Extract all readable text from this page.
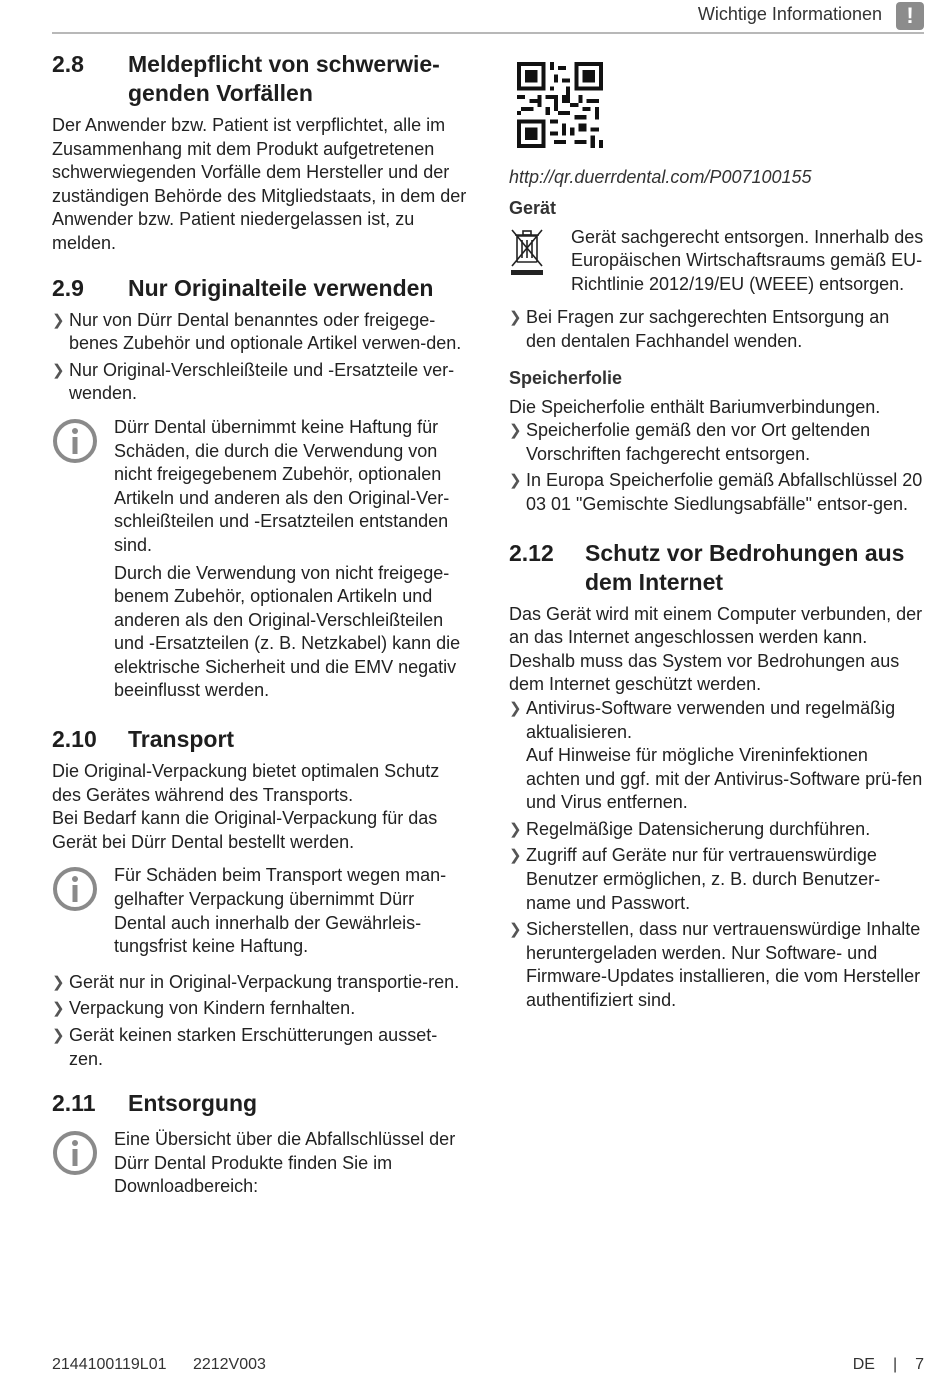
Wichtige Informationen	!
2.8	Meldepflicht von schwerwie-genden Vorfällen

Der Anwender bzw. Patient ist verpflichtet, alle im Zusammenhang mit dem Produkt aufgetretenen schwerwiegenden Vorfälle dem Hersteller und der zuständigen Behörde des Mitgliedstaats, in dem der Anwender bzw. Patient niedergelassen ist, zu melden.

2.9	Nur Originalteile verwenden
❯ Nur von Dürr Dental benanntes oder freigege-benes Zubehör und optionale Artikel verwen-den.
❯ Nur Original-Verschleißteile und -Ersatzteile ver-wenden.

Dürr Dental übernimmt keine Haftung für Schäden, die durch die Verwendung von nicht freigegebenem Zubehör, optionalen Artikeln und anderen als den Original-Ver-schleißteilen und -Ersatzteilen entstanden sind.

Durch die Verwendung von nicht freigege-benem Zubehör, optionalen Artikeln und anderen als den Original-Verschleißteilen und -Ersatzteilen (z. B. Netzkabel) kann die elektrische Sicherheit und die EMV negativ beeinflusst werden.

2.10	Transport

Die Original-Verpackung bietet optimalen Schutz des Gerätes während des Transports.

Bei Bedarf kann die Original-Verpackung für das Gerät bei Dürr Dental bestellt werden.

Für Schäden beim Transport wegen man-gelhafter Verpackung übernimmt Dürr Dental auch innerhalb der Gewährleis-tungsfrist keine Haftung.

❯ Gerät nur in Original-Verpackung transportie-ren.
❯ Verpackung von Kindern fernhalten.
❯ Gerät keinen starken Erschütterungen ausset-zen.
2.11	Entsorgung

Eine Übersicht über die Abfallschlüssel der Dürr Dental Produkte finden Sie im Downloadbereich:

http://qr.duerrdental.com/P007100155

Gerät

Gerät sachgerecht entsorgen. Innerhalb des Europäischen Wirtschaftsraums gemäß EU-Richtlinie 2012/19/EU (WEEE) entsorgen.

❯ Bei Fragen zur sachgerechten Entsorgung an den dentalen Fachhandel wenden.
Speicherfolie

Die Speicherfolie enthält Bariumverbindungen.

❯ Speicherfolie gemäß den vor Ort geltenden Vorschriften fachgerecht entsorgen.
❯ In Europa Speicherfolie gemäß Abfallschlüssel 20 03 01 "Gemischte Siedlungsabfälle" entsor-gen.
2.12	Schutz vor Bedrohungen aus dem Internet

Das Gerät wird mit einem Computer verbunden, der an das Internet angeschlossen werden kann. Deshalb muss das System vor Bedrohungen aus dem Internet geschützt werden.

❯ Antivirus-Software verwenden und regelmäßig aktualisieren.
Auf Hinweise für mögliche Vireninfektionen achten und ggf. mit der Antivirus-Software prü-fen und Virus entfernen.
❯ Regelmäßige Datensicherung durchführen.
❯ Zugriff auf Geräte nur für vertrauenswürdige Benutzer ermöglichen, z. B. durch Benutzer-name und Passwort.
❯ Sicherstellen, dass nur vertrauenswürdige Inhalte heruntergeladen werden. Nur Software- und Firmware-Updates installieren, die vom Hersteller authentifiziert sind.
2144100119L01 2212V003	DE | 7
